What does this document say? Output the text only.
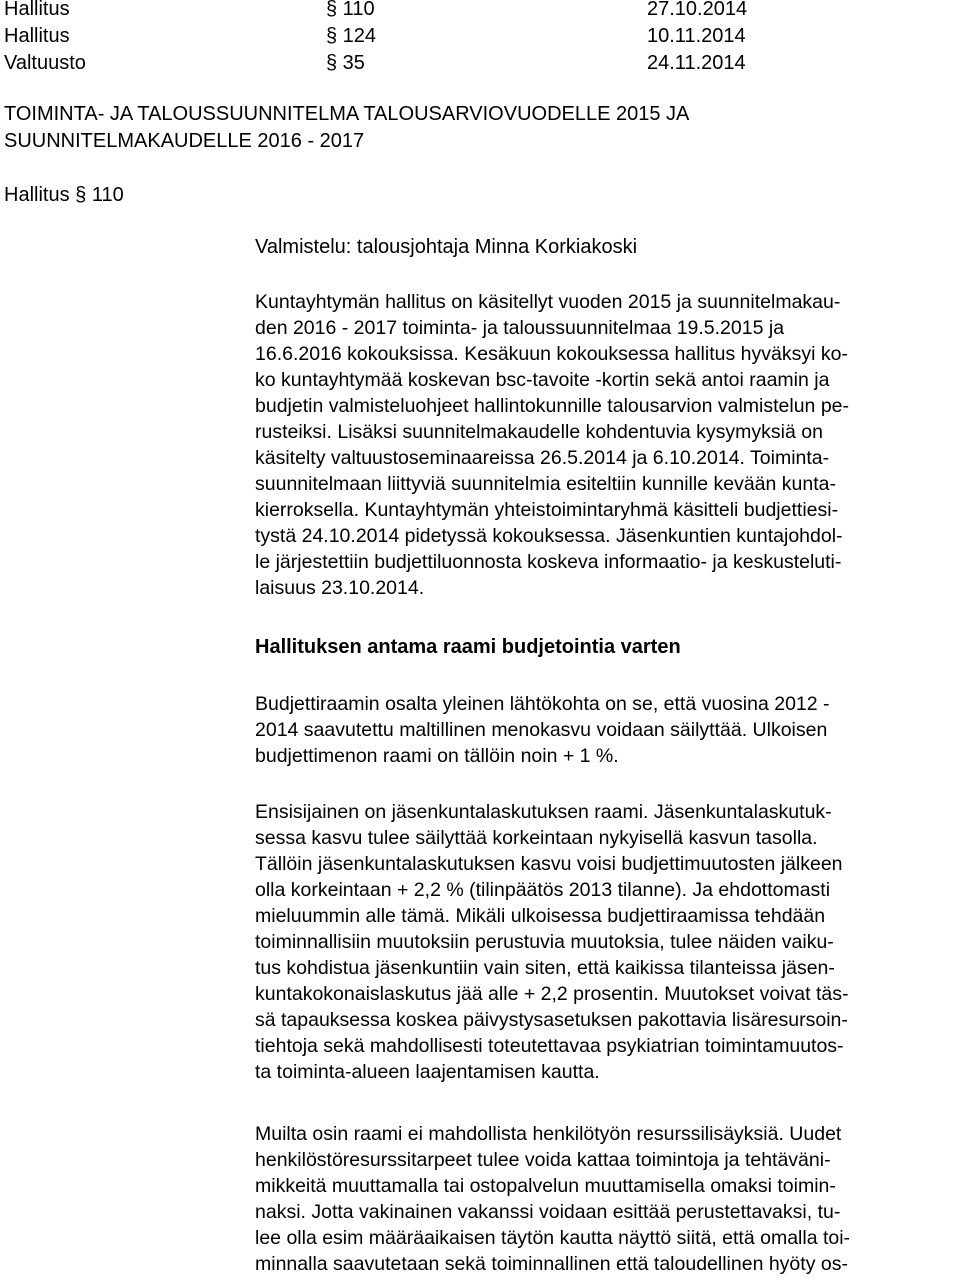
Hallitus	§ 110	27.10.2014
Hallitus	§ 124	10.11.2014
Valtuusto	§ 35	24.11.2014
TOIMINTA- JA TALOUSSUUNNITELMA TALOUSARVIOVUODELLE 2015 JA
SUUNNITELMAKAUDELLE 2016 - 2017
Hallitus § 110
Valmistelu: talousjohtaja Minna Korkiakoski
Kuntayhtymän hallitus on käsitellyt vuoden 2015 ja suunnitelmakau-
den 2016 - 2017 toiminta- ja taloussuunnitelmaa 19.5.2015 ja
16.6.2016 kokouksissa. Kesäkuun kokouksessa hallitus hyväksyi ko-
ko kuntayhtymää koskevan bsc-tavoite -kortin sekä antoi raamin ja
budjetin valmisteluohjeet hallintokunnille talousarvion valmistelun pe-
rusteiksi. Lisäksi suunnitelmakaudelle kohdentuvia kysymyksiä on
käsitelty valtuustoseminaareissa 26.5.2014 ja 6.10.2014. Toiminta-
suunnitelmaan liittyviä suunnitelmia esiteltiin kunnille kevään kunta-
kierroksella. Kuntayhtymän yhteistoimintaryhmä käsitteli budjettiesi-
tystä 24.10.2014 pidetyssä kokouksessa. Jäsenkuntien kuntajohdol-
le järjestettiin budjettiluonnosta koskeva informaatio- ja keskusteluti-
laisuus 23.10.2014.
Hallituksen antama raami budjetointia varten
Budjettiraamin osalta yleinen lähtökohta on se, että vuosina 2012 -
2014 saavutettu maltillinen menokasvu voidaan säilyttää. Ulkoisen
budjettimenon raami on tällöin noin + 1 %.
Ensisijainen on jäsenkuntalaskutuksen raami. Jäsenkuntalaskutuk-
sessa kasvu tulee säilyttää korkeintaan nykyisellä kasvun tasolla.
Tällöin jäsenkuntalaskutuksen kasvu voisi budjettimuutosten jälkeen
olla korkeintaan + 2,2 % (tilinpäätös 2013 tilanne). Ja ehdottomasti
mieluummin alle tämä. Mikäli ulkoisessa budjettiraamissa tehdään
toiminnallisiin muutoksiin perustuvia muutoksia, tulee näiden vaiku-
tus kohdistua jäsenkuntiin vain siten, että kaikissa tilanteissa jäsen-
kuntakokonaislaskutus jää alle + 2,2 prosentin. Muutokset voivat täs-
sä tapauksessa koskea päivystysasetuksen pakottavia lisäresursoin-
tiehtoja sekä mahdollisesti toteutettavaa psykiatrian toimintamuutos-
ta toiminta-alueen laajentamisen kautta.
Muilta osin raami ei mahdollista henkilötyön resurssilisäyksiä. Uudet
henkilöstöresurssitarpeet tulee voida kattaa toimintoja ja tehtäväni-
mikkeitä muuttamalla tai ostopalvelun muuttamisella omaksi toimin-
naksi. Jotta vakinainen vakanssi voidaan esittää perustettavaksi, tu-
lee olla esim määräaikaisen täytön kautta näyttö siitä, että omalla toi-
minnalla saavutetaan sekä toiminnallinen että taloudellinen hyöty os-
